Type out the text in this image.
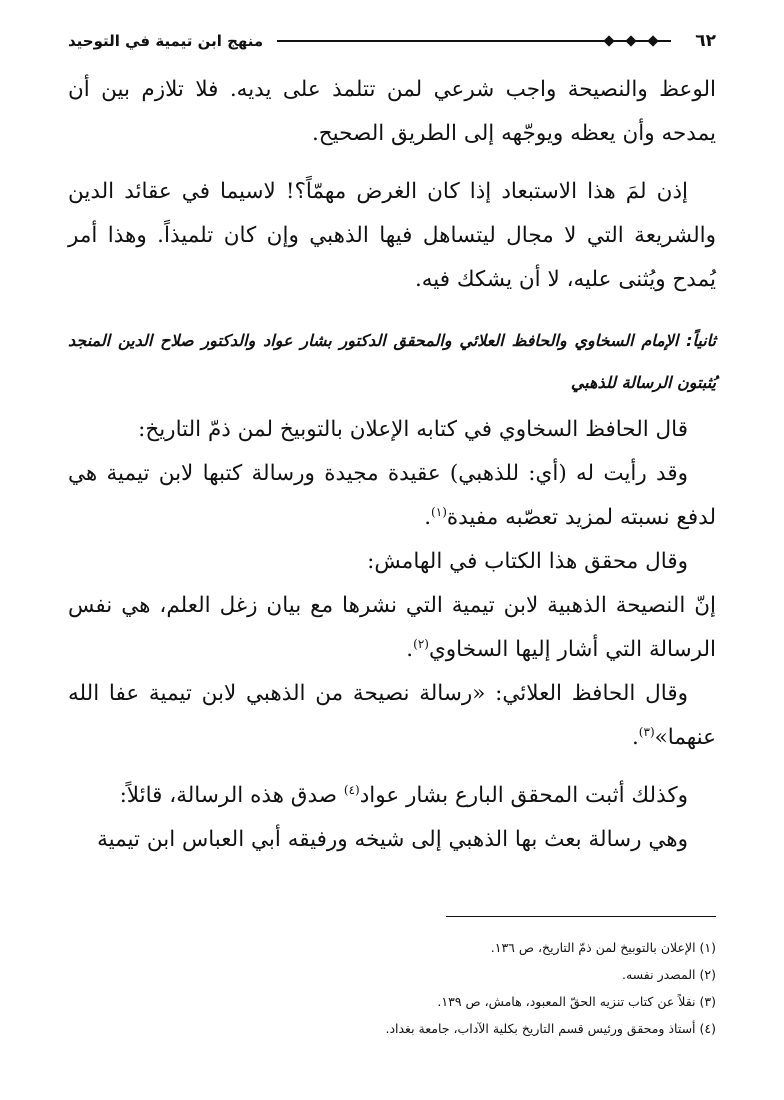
٦٢
منهج ابن تيمية في التوحيد

الوعظ والنصيحة واجب شرعي لمن تتلمذ على يديه. فلا تلازم بين أن يمدحه وأن يعظه ويوجّهه إلى الطريق الصحيح.

إذن لمَ هذا الاستبعاد إذا كان الغرض مهمّاً؟! لاسيما في عقائد الدين والشريعة التي لا مجال ليتساهل فيها الذهبي وإن كان تلميذاً. وهذا أمر يُمدح ويُثنى عليه، لا أن يشكك فيه.

ثانياً: الإمام السخاوي والحافظ العلائي والمحقق الدكتور بشار عواد والدكتور صلاح الدين المنجد يُثبتون الرسالة للذهبي

قال الحافظ السخاوي في كتابه الإعلان بالتوبيخ لمن ذمّ التاريخ:

وقد رأيت له (أي: للذهبي) عقيدة مجيدة ورسالة كتبها لابن تيمية هي لدفع نسبته لمزيد تعصّبه مفيدة$^{(١)}$.

وقال محقق هذا الكتاب في الهامش:

إنّ النصيحة الذهبية لابن تيمية التي نشرها مع بيان زغل العلم، هي نفس الرسالة التي أشار إليها السخاوي$^{(٢)}$.

وقال الحافظ العلائي: «رسالة نصيحة من الذهبي لابن تيمية عفا الله عنهما»$^{(٣)}$.

وكذلك أثبت المحقق البارع بشار عواد$^{(٤)}$ صدق هذه الرسالة، قائلاً:

وهي رسالة بعث بها الذهبي إلى شيخه ورفيقه أبي العباس ابن تيمية

(١) الإعلان بالتوبيخ لمن ذمّ التاريخ، ص ١٣٦.

(٢) المصدر نفسه.

(٣) نقلاً عن كتاب تنزيه الحقّ المعبود، هامش، ص ١٣٩.

(٤) أستاذ ومحقق ورئيس قسم التاريخ بكلية الآداب، جامعة بغداد.
